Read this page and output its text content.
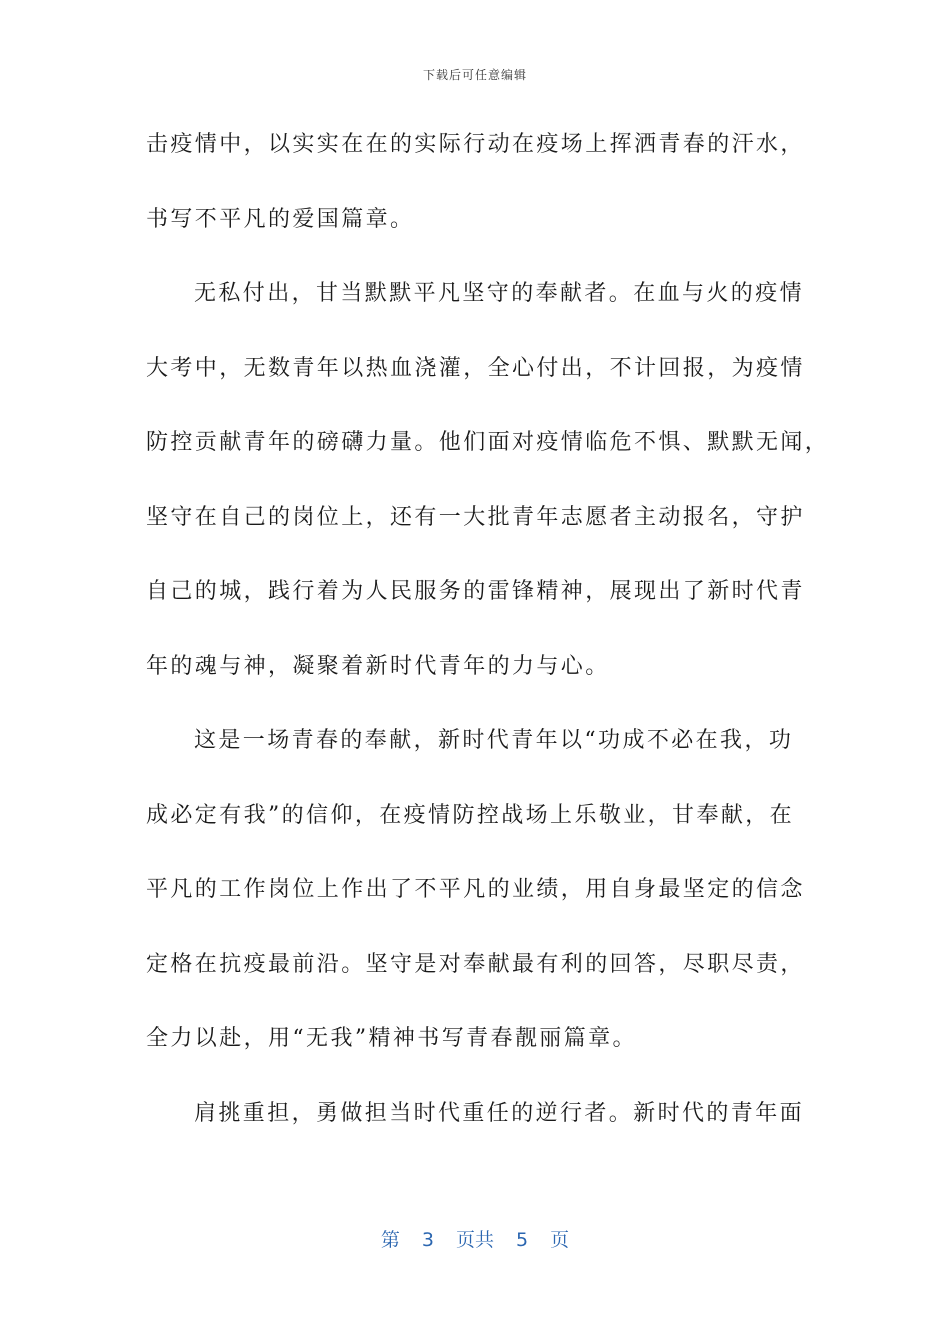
下载后可任意编辑
击疫情中，以实实在在的实际行动在疫场上挥洒青春的汗水，
书写不平凡的爱国篇章。
无私付出，甘当默默平凡坚守的奉献者。在血与火的疫情
大考中，无数青年以热血浇灌，全心付出，不计回报，为疫情
防控贡献青年的磅礴力量。他们面对疫情临危不惧、默默无闻，
坚守在自己的岗位上，还有一大批青年志愿者主动报名，守护
自己的城，践行着为人民服务的雷锋精神，展现出了新时代青
年的魂与神，凝聚着新时代青年的力与心。
这是一场青春的奉献，新时代青年以“功成不必在我，功
成必定有我”的信仰，在疫情防控战场上乐敬业，甘奉献，在
平凡的工作岗位上作出了不平凡的业绩，用自身最坚定的信念
定格在抗疫最前沿。坚守是对奉献最有利的回答，尽职尽责，
全力以赴，用“无我”精神书写青春靓丽篇章。
肩挑重担，勇做担当时代重任的逆行者。新时代的青年面
第 3 页共 5 页
